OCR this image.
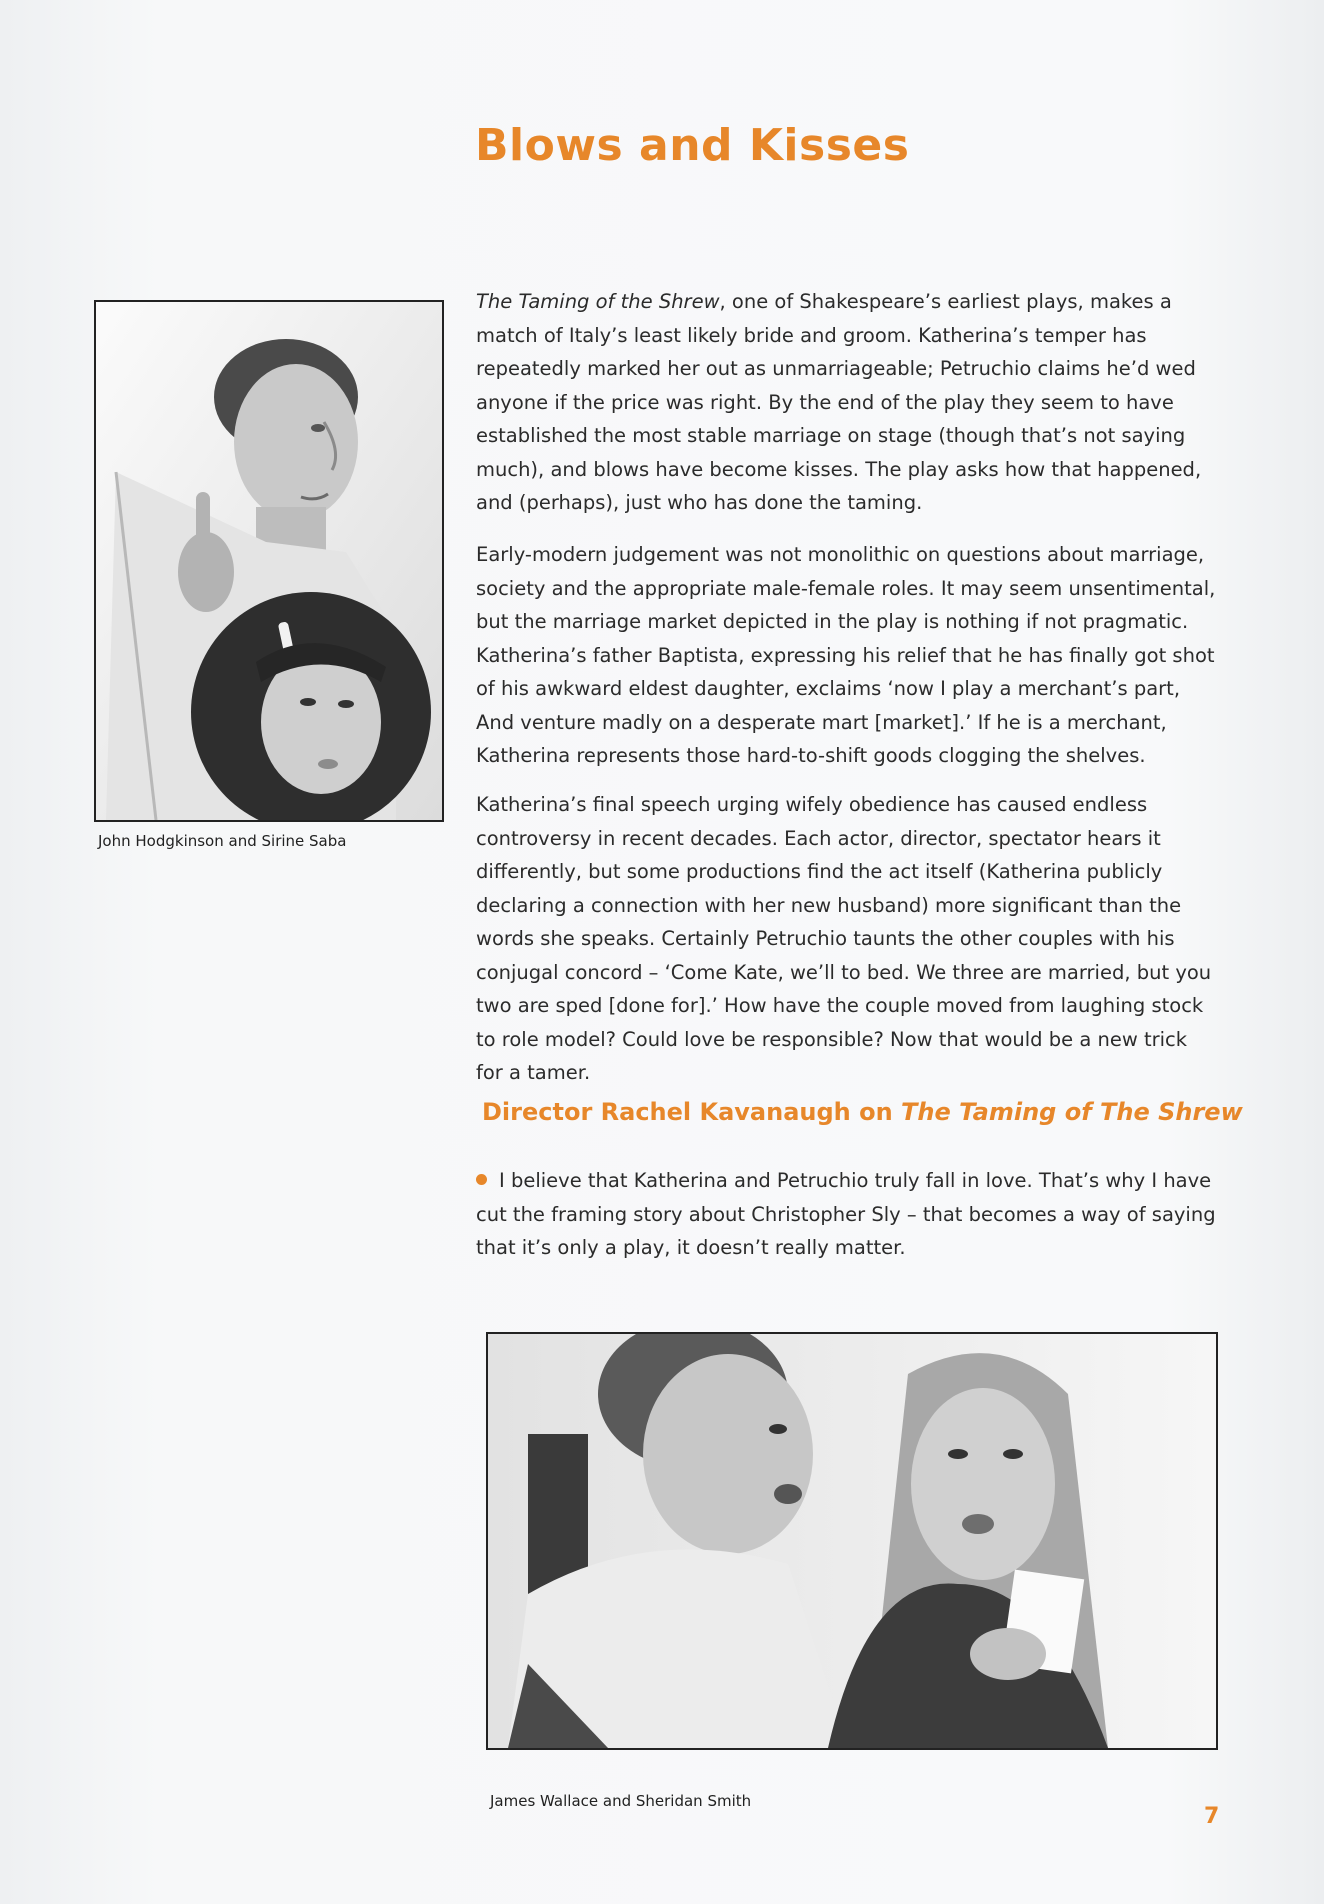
Blows and Kisses
John Hodgkinson and Sirine Saba

The Taming of the Shrew, one of Shakespeare’s earliest plays, makes a match of Italy’s least likely bride and groom. Katherina’s temper has repeatedly marked her out as unmarriageable; Petruchio claims he’d wed anyone if the price was right. By the end of the play they seem to have established the most stable marriage on stage (though that’s not saying much), and blows have become kisses. The play asks how that happened, and (perhaps), just who has done the taming.

Early-modern judgement was not monolithic on questions about marriage, society and the appropriate male-female roles. It may seem unsentimental, but the marriage market depicted in the play is nothing if not pragmatic. Katherina’s father Baptista, expressing his relief that he has finally got shot of his awkward eldest daughter, exclaims ‘now I play a merchant’s part, And venture madly on a desperate mart [market].’ If he is a merchant, Katherina represents those hard-to-shift goods clogging the shelves.

Katherina’s final speech urging wifely obedience has caused endless controversy in recent decades. Each actor, director, spectator hears it differently, but some productions find the act itself (Katherina publicly declaring a connection with her new husband) more significant than the words she speaks. Certainly Petruchio taunts the other couples with his conjugal concord – ‘Come Kate, we’ll to bed. We three are married, but you two are sped [done for].’ How have the couple moved from laughing stock to role model? Could love be responsible? Now that would be a new trick for a tamer.

Director Rachel Kavanaugh on The Taming of The Shrew

I believe that Katherina and Petruchio truly fall in love. That’s why I have cut the framing story about Christopher Sly – that becomes a way of saying that it’s only a play, it doesn’t really matter.

James Wallace and Sheridan Smith
7
